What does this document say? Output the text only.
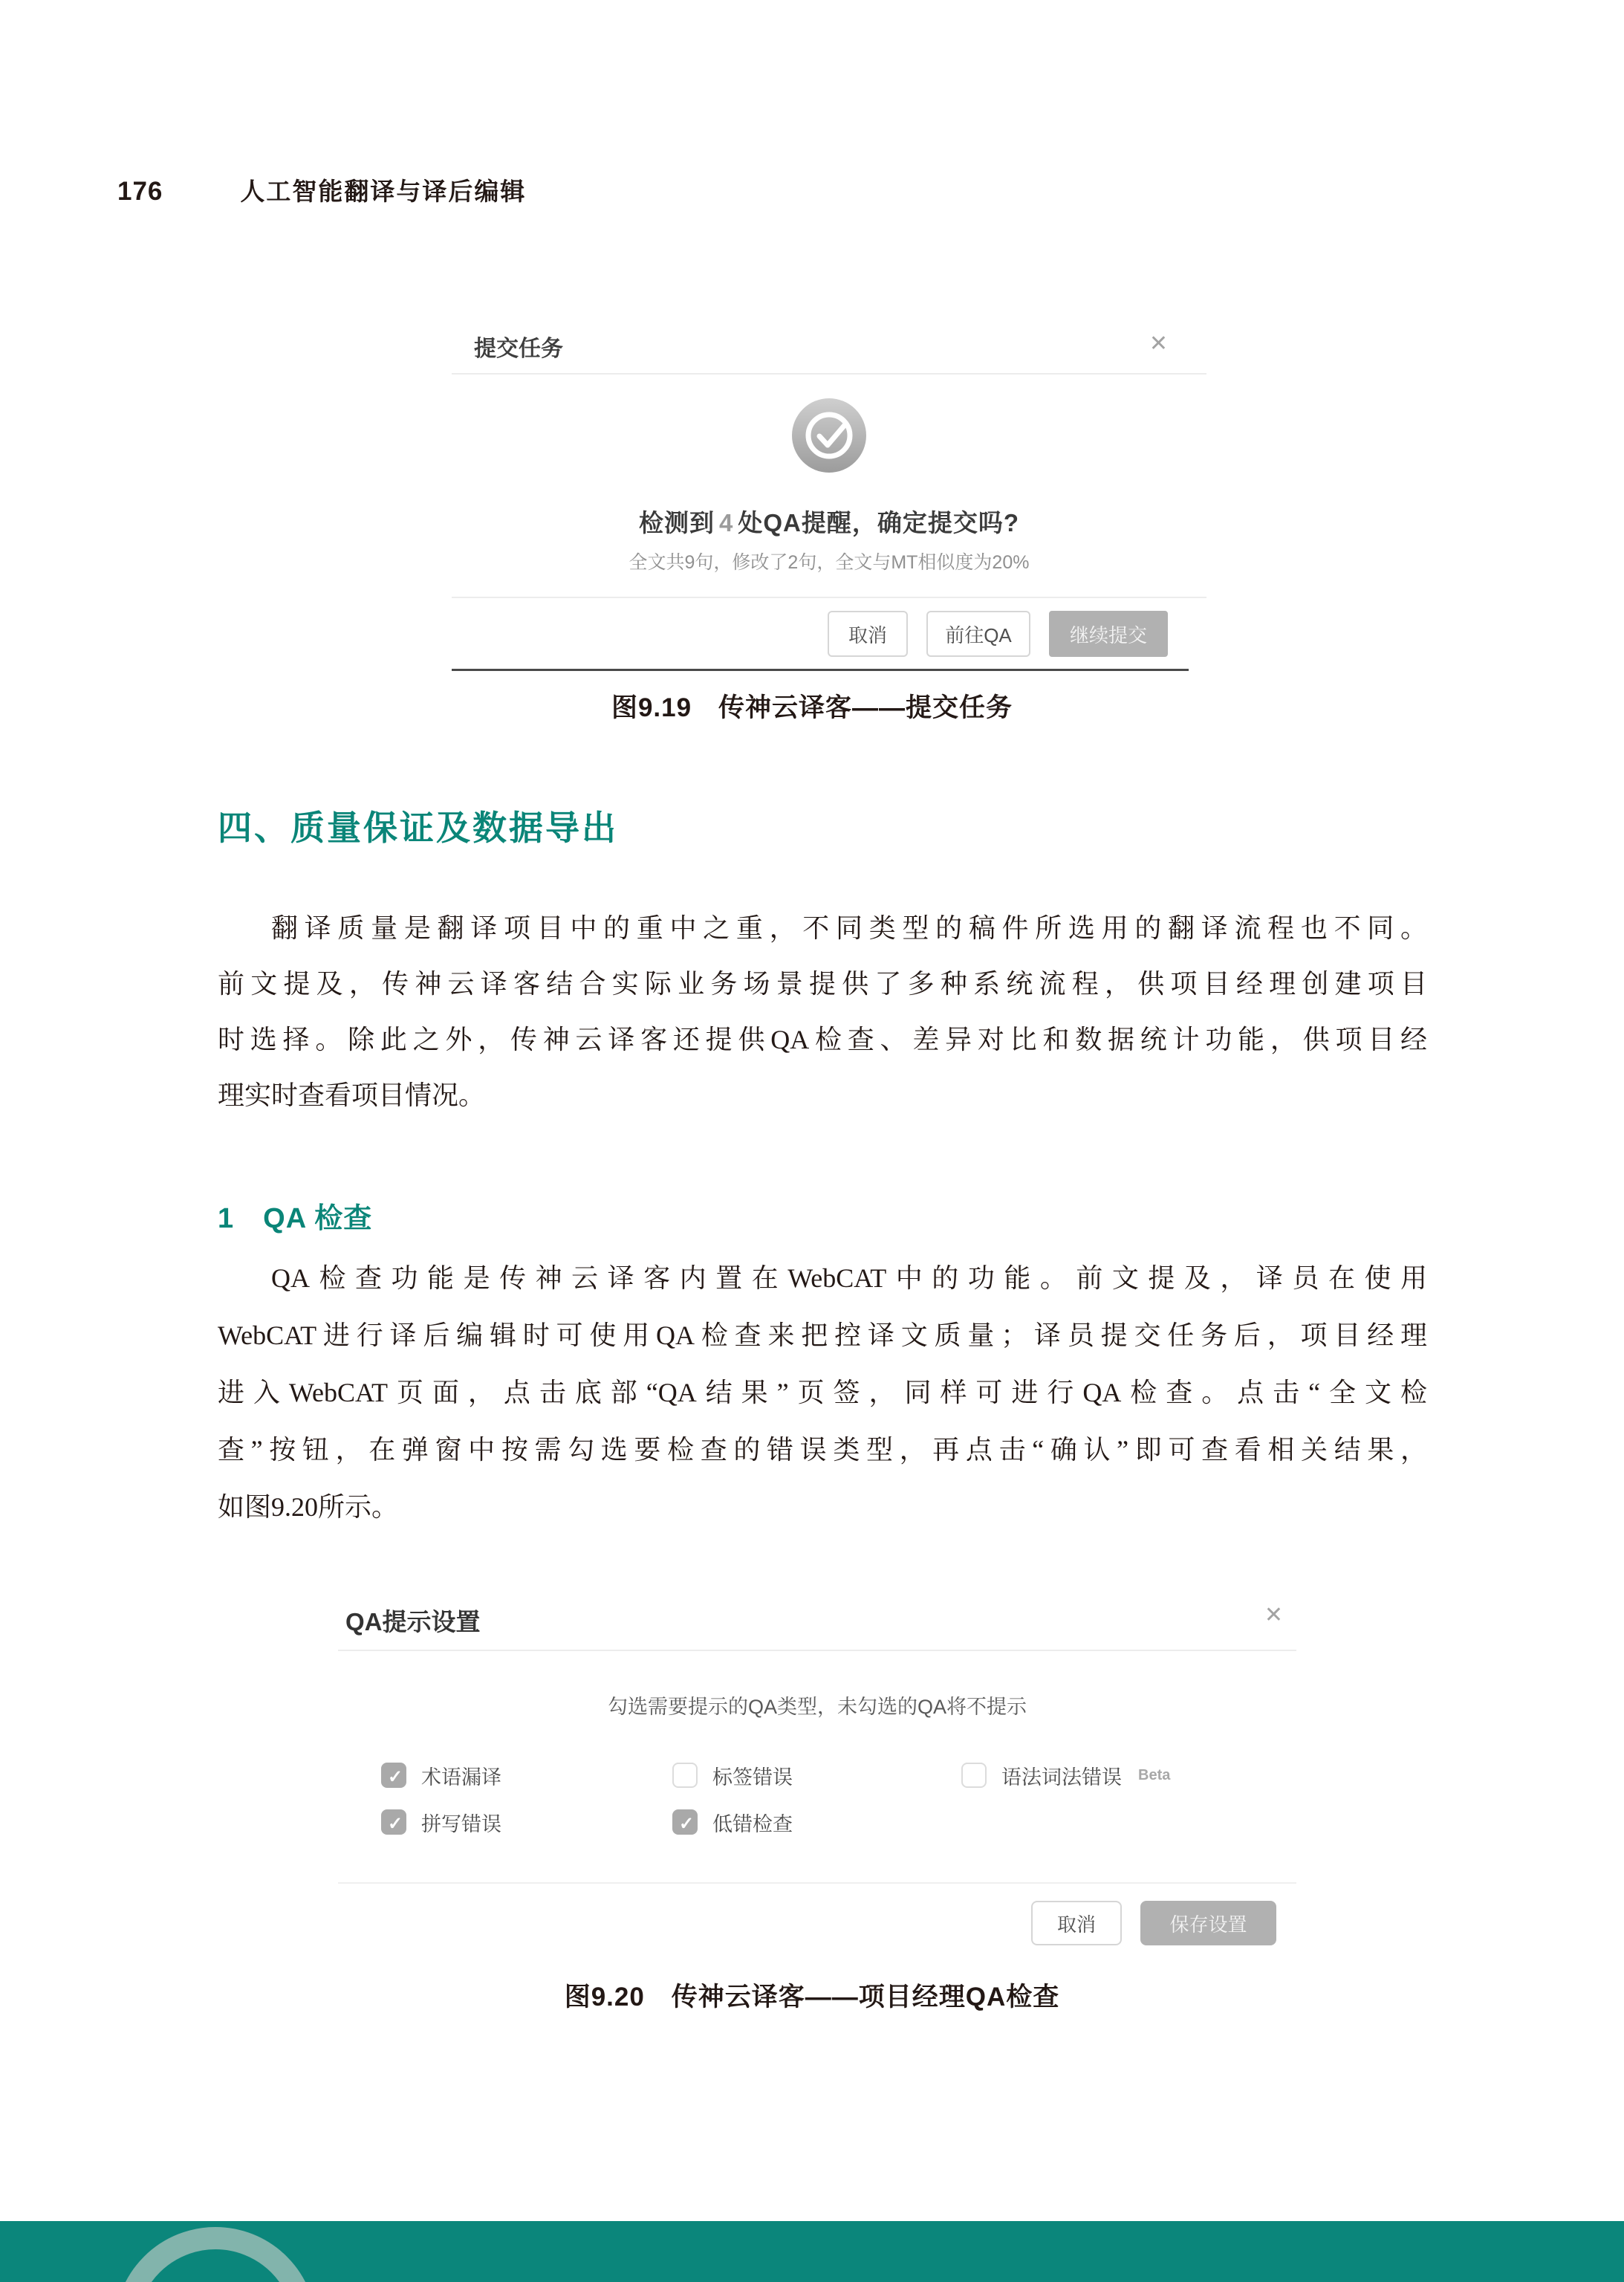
176	人工智能翻译与译后编辑
提交任务	✕
检测到 4 处QA提醒，确定提交吗?
全文共9句，修改了2句，全文与MT相似度为20%
取消	前往QA	继续提交
图9.19　传神云译客——提交任务
四、质量保证及数据导出
翻译质量是翻译项目中的重中之重，不同类型的稿件所选用的翻译流程也不同。
前文提及，传神云译客结合实际业务场景提供了多种系统流程，供项目经理创建项目
时选择。除此之外，传神云译客还提供QA检查、差异对比和数据统计功能，供项目经
理实时查看项目情况。
1　QA 检查
QA检查功能是传神云译客内置在WebCAT中的功能。前文提及，译员在使用
WebCAT进行译后编辑时可使用QA检查来把控译文质量；译员提交任务后，项目经理
进入WebCAT页面，点击底部“QA结果”页签，同样可进行QA检查。点击“全文检
查”按钮，在弹窗中按需勾选要检查的错误类型，再点击“确认”即可查看相关结果，
如图9.20所示。
QA提示设置	✕
勾选需要提示的QA类型，未勾选的QA将不提示
✓
术语漏译	标签错误	语法词法错误 Beta
✓
拼写错误 ✓	低错检查
取消	保存设置
图9.20　传神云译客——项目经理QA检查
